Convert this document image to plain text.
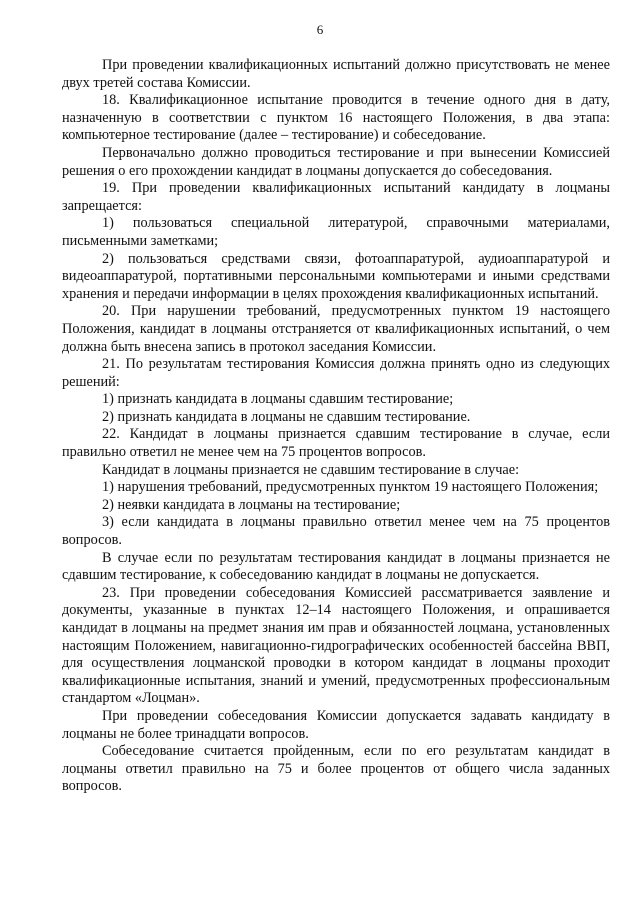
6

При проведении квалификационных испытаний должно присутствовать не менее двух третей состава Комиссии.

18. Квалификационное испытание проводится в течение одного дня в дату, назначенную в соответствии с пунктом 16 настоящего Положения, в два этапа: компьютерное тестирование (далее – тестирование) и собеседование.

Первоначально должно проводиться тестирование и при вынесении Комиссией решения о его прохождении кандидат в лоцманы допускается до собеседования.

19. При проведении квалификационных испытаний кандидату в лоцманы запрещается:

1) пользоваться специальной литературой, справочными материалами, письменными заметками;

2) пользоваться средствами связи, фотоаппаратурой, аудиоаппаратурой и видеоаппаратурой, портативными персональными компьютерами и иными средствами хранения и передачи информации в целях прохождения квалификационных испытаний.

20. При нарушении требований, предусмотренных пунктом 19 настоящего Положения, кандидат в лоцманы отстраняется от квалификационных испытаний, о чем должна быть внесена запись в протокол заседания Комиссии.

21. По результатам тестирования Комиссия должна принять одно из следующих решений:

1) признать кандидата в лоцманы сдавшим тестирование;

2) признать кандидата в лоцманы не сдавшим тестирование.

22. Кандидат в лоцманы признается сдавшим тестирование в случае, если правильно ответил не менее чем на 75 процентов вопросов.

Кандидат в лоцманы признается не сдавшим тестирование в случае:

1) нарушения требований, предусмотренных пунктом 19 настоящего Положения;

2) неявки кандидата в лоцманы на тестирование;

3) если кандидата в лоцманы правильно ответил менее чем на 75 процентов вопросов.

В случае если по результатам тестирования кандидат в лоцманы признается не сдавшим тестирование, к собеседованию кандидат в лоцманы не допускается.

23. При проведении собеседования Комиссией рассматривается заявление и документы, указанные в пунктах 12–14 настоящего Положения, и опрашивается кандидат в лоцманы на предмет знания им прав и обязанностей лоцмана, установленных настоящим Положением, навигационно-гидрографических особенностей бассейна ВВП, для осуществления лоцманской проводки в котором кандидат в лоцманы проходит квалификационные испытания, знаний и умений, предусмотренных профессиональным стандартом «Лоцман».

При проведении собеседования Комиссии допускается задавать кандидату в лоцманы не более тринадцати вопросов.

Собеседование считается пройденным, если по его результатам кандидат в лоцманы ответил правильно на 75 и более процентов от общего числа заданных вопросов.
